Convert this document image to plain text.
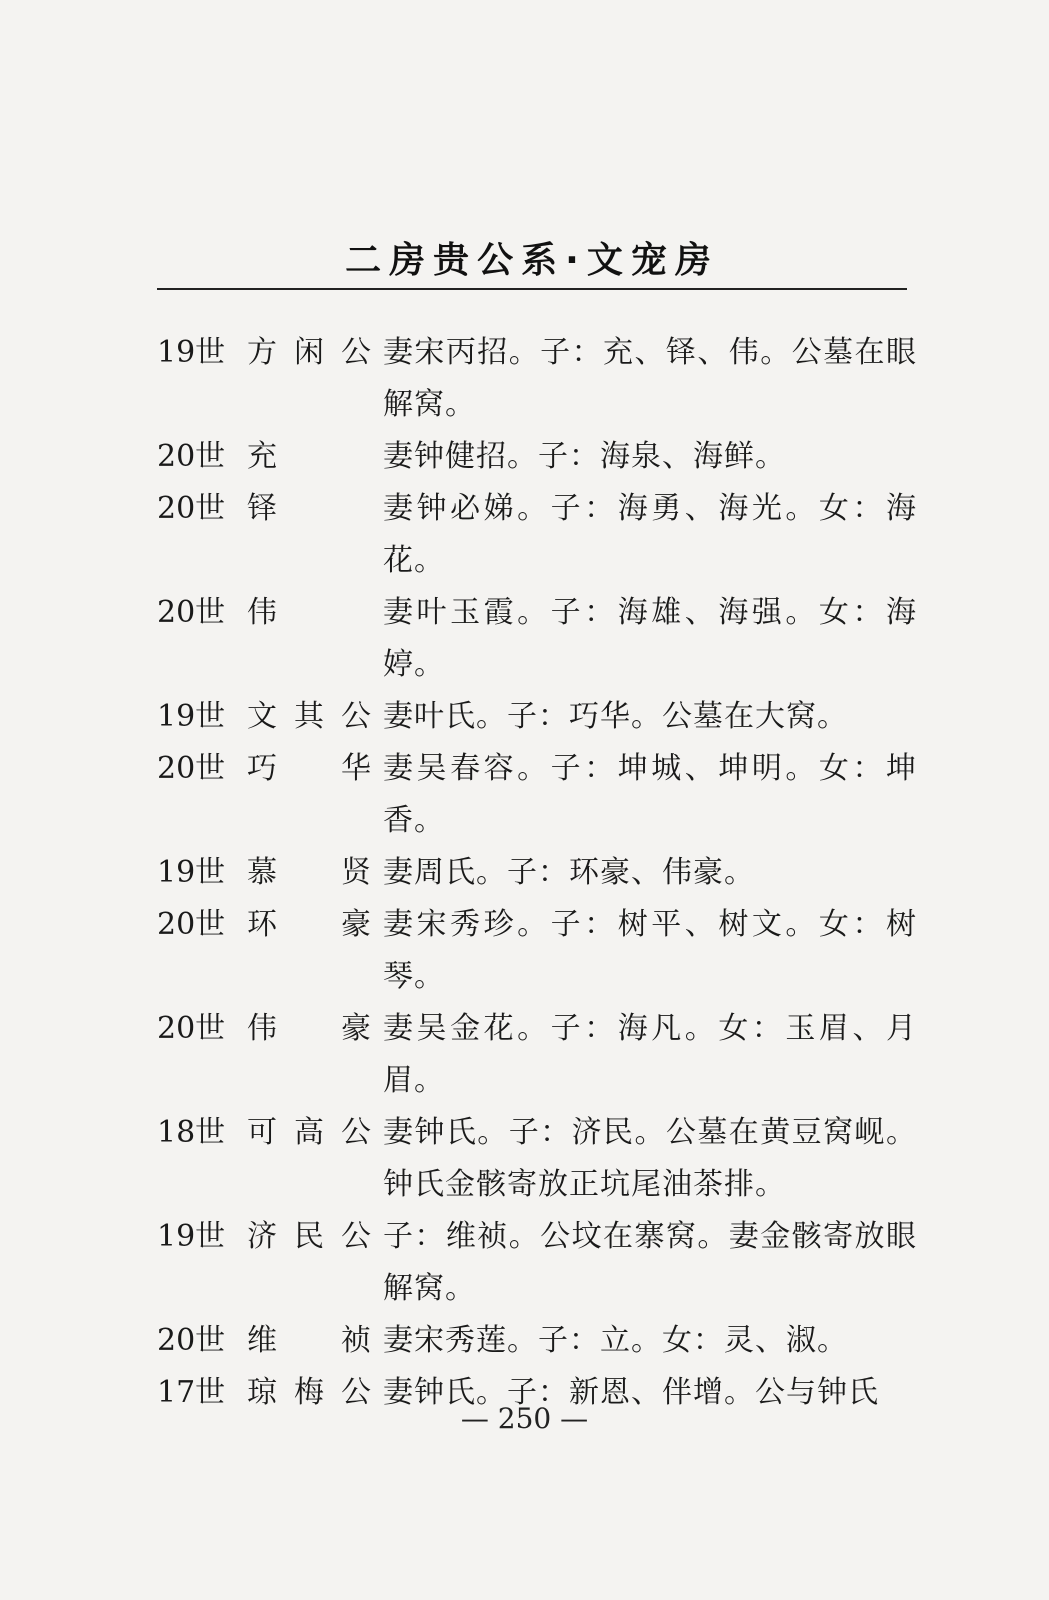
二房贵公系·文宠房
19世 方闲公 妻宋丙招。子：充、铎、伟。公墓在眼解窝。
20世 充	妻钟健招。子：海泉、海鲜。
20世 铎	妻钟必娣。子：海勇、海光。女：海花。
20世 伟	妻叶玉霞。子：海雄、海强。女：海婷。
19世 文其公 妻叶氏。子：巧华。公墓在大窝。
20世 巧华 妻吴春容。子：坤城、坤明。女：坤香。
19世 慕贤 妻周氏。子：环豪、伟豪。
20世 环豪 妻宋秀珍。子：树平、树文。女：树琴。
20世 伟豪 妻吴金花。子：海凡。女：玉眉、月眉。
18世 可高公 妻钟氏。子：济民。公墓在黄豆窝岘。钟氏金骸寄放正坑尾油茶排。
19世 济民公 子：维祯。公坟在寨窝。妻金骸寄放眼解窝。
20世 维祯 妻宋秀莲。子：立。女：灵、淑。
17世 琼梅公 妻钟氏。子：新恩、伴增。公与钟氏
— 250 —
